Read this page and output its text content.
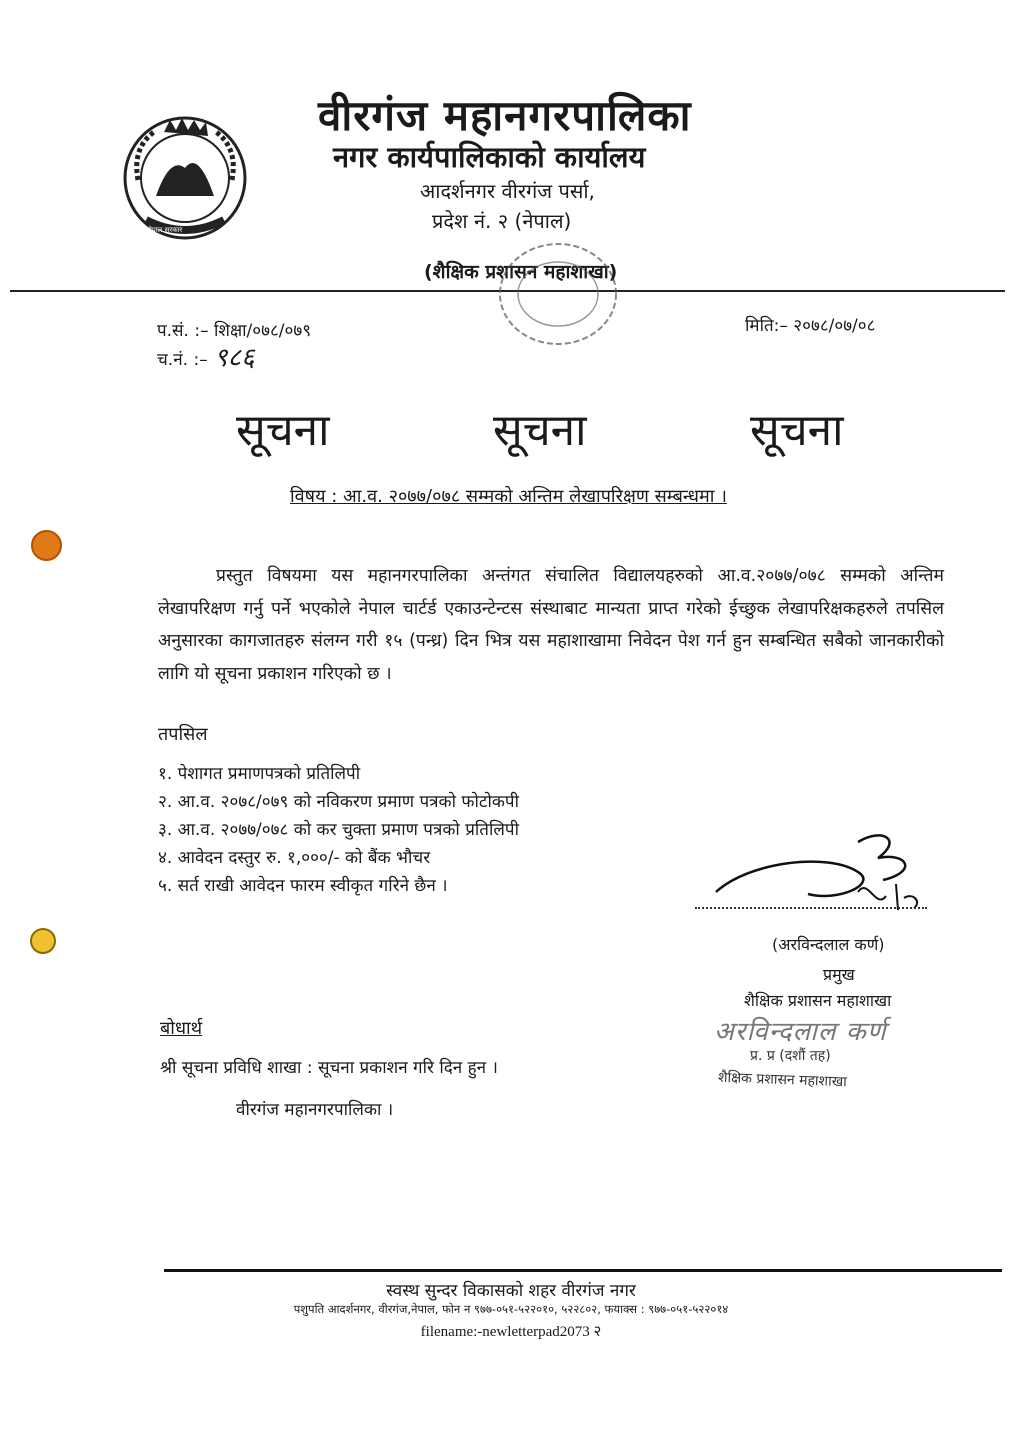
नेपाल सरकार
वीरगंज महानगरपालिका
नगर कार्यपालिकाको कार्यालय
आदर्शनगर वीरगंज पर्सा,
प्रदेश नं. २ (नेपाल)
(शैक्षिक प्रशासन महाशाखा)
प.सं. :– शिक्षा/०७८/०७९
च.नं. :– ९८६
मिति:– २०७८/०७/०८
सूचना	सूचना	सूचना
विषय : आ.व. २०७७/०७८ सम्मको अन्तिम लेखापरिक्षण सम्बन्धमा ।
प्रस्तुत विषयमा यस महानगरपालिका अन्तंगत संचालित विद्यालयहरुको आ.व.२०७७/०७८ सम्मको अन्तिम लेखापरिक्षण गर्नु पर्ने भएकोले नेपाल चार्टर्ड एकाउन्टेन्टस संस्थाबाट मान्यता प्राप्त गरेको ईच्छुक लेखापरिक्षकहरुले तपसिल अनुसारका कागजातहरु संलग्न गरी १५ (पन्ध्र) दिन भित्र यस महाशाखामा निवेदन पेश गर्न हुन सम्बन्धित सबैको जानकारीको लागि यो सूचना प्रकाशन गरिएको छ ।
तपसिल
१. पेशागत प्रमाणपत्रको प्रतिलिपी
२. आ.व. २०७८/०७९ को नविकरण प्रमाण पत्रको फोटोकपी
३. आ.व. २०७७/०७८ को कर चुक्ता प्रमाण पत्रको प्रतिलिपी
४. आवेदन दस्तुर रु. १,०००/- को बैंक भौचर
५. सर्त राखी आवेदन फारम स्वीकृत गरिने छैन ।
(अरविन्दलाल कर्ण)
प्रमुख
शैक्षिक प्रशासन महाशाखा
अरविन्दलाल कर्ण
प्र. प्र (दशौं तह)
शैक्षिक प्रशासन महाशाखा
बोधार्थ
श्री सूचना प्रविधि शाखा : सूचना प्रकाशन गरि दिन हुन ।
वीरगंज महानगरपालिका ।
स्वस्थ सुन्दर विकासको शहर वीरगंज नगर
पशुपति आदर्शनगर, वीरगंज,नेपाल, फोन न ९७७-०५१-५२२०१०, ५२२८०२, फयाक्स : ९७७-०५१-५२२०१४
filename:-newletterpad2073 २
